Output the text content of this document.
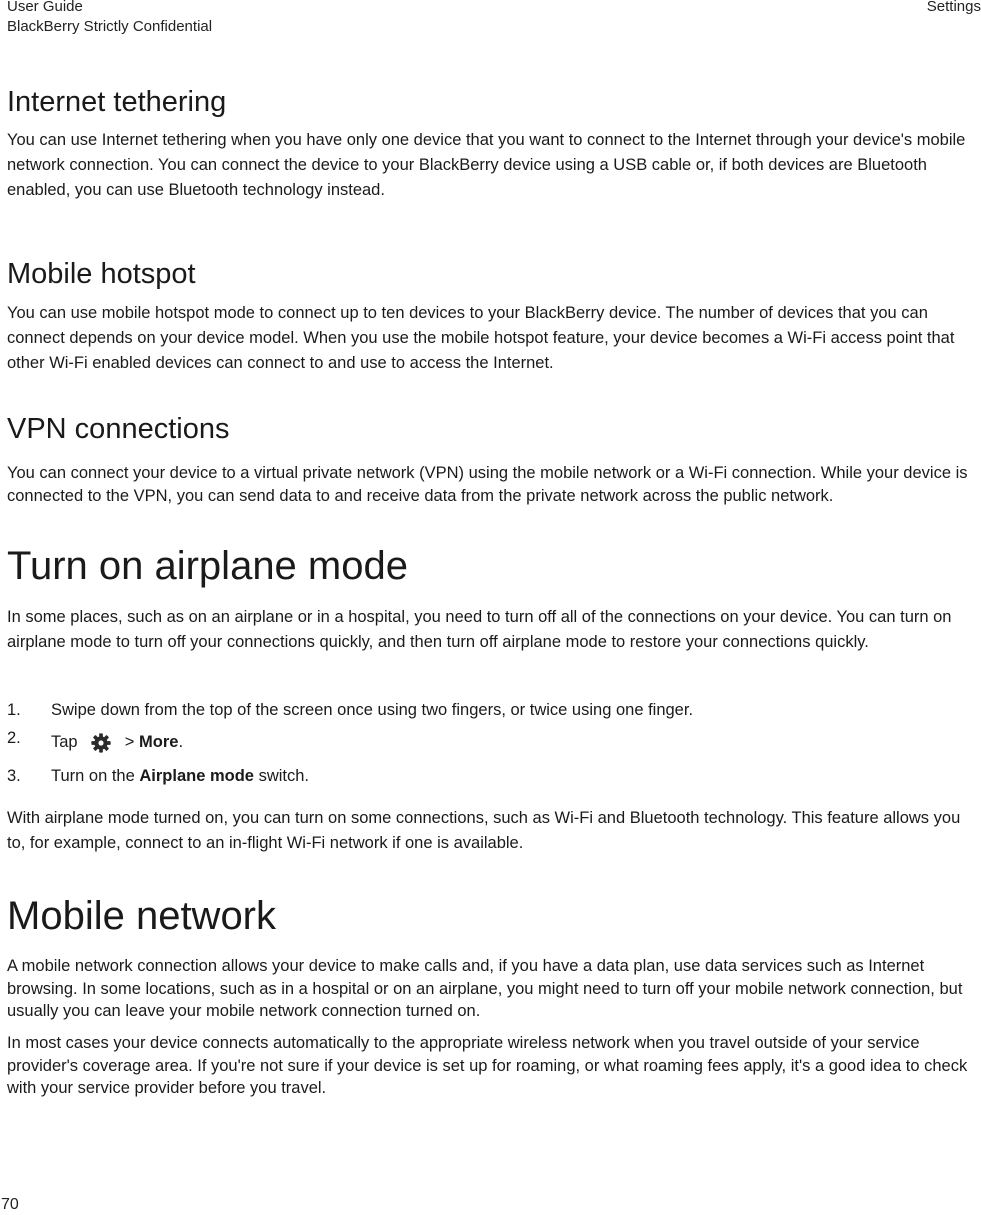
User Guide
BlackBerry Strictly Confidential
Settings
Internet tethering

You can use Internet tethering when you have only one device that you want to connect to the Internet through your device's mobile network connection. You can connect the device to your BlackBerry device using a USB cable or, if both devices are Bluetooth enabled, you can use Bluetooth technology instead.

Mobile hotspot

You can use mobile hotspot mode to connect up to ten devices to your BlackBerry device. The number of devices that you can connect depends on your device model. When you use the mobile hotspot feature, your device becomes a Wi-Fi access point that other Wi-Fi enabled devices can connect to and use to access the Internet.

VPN connections

You can connect your device to a virtual private network (VPN) using the mobile network or a Wi-Fi connection. While your device is connected to the VPN, you can send data to and receive data from the private network across the public network.

Turn on airplane mode

In some places, such as on an airplane or in a hospital, you need to turn off all of the connections on your device. You can turn on airplane mode to turn off your connections quickly, and then turn off airplane mode to restore your connections quickly.

1. Swipe down from the top of the screen once using two fingers, or twice using one finger.
2. Tap	> More.
3. Turn on the Airplane mode switch.

With airplane mode turned on, you can turn on some connections, such as Wi-Fi and Bluetooth technology. This feature allows you to, for example, connect to an in-flight Wi-Fi network if one is available.

Mobile network

A mobile network connection allows your device to make calls and, if you have a data plan, use data services such as Internet browsing. In some locations, such as in a hospital or on an airplane, you might need to turn off your mobile network connection, but usually you can leave your mobile network connection turned on.

In most cases your device connects automatically to the appropriate wireless network when you travel outside of your service provider's coverage area. If you're not sure if your device is set up for roaming, or what roaming fees apply, it's a good idea to check with your service provider before you travel.

70
